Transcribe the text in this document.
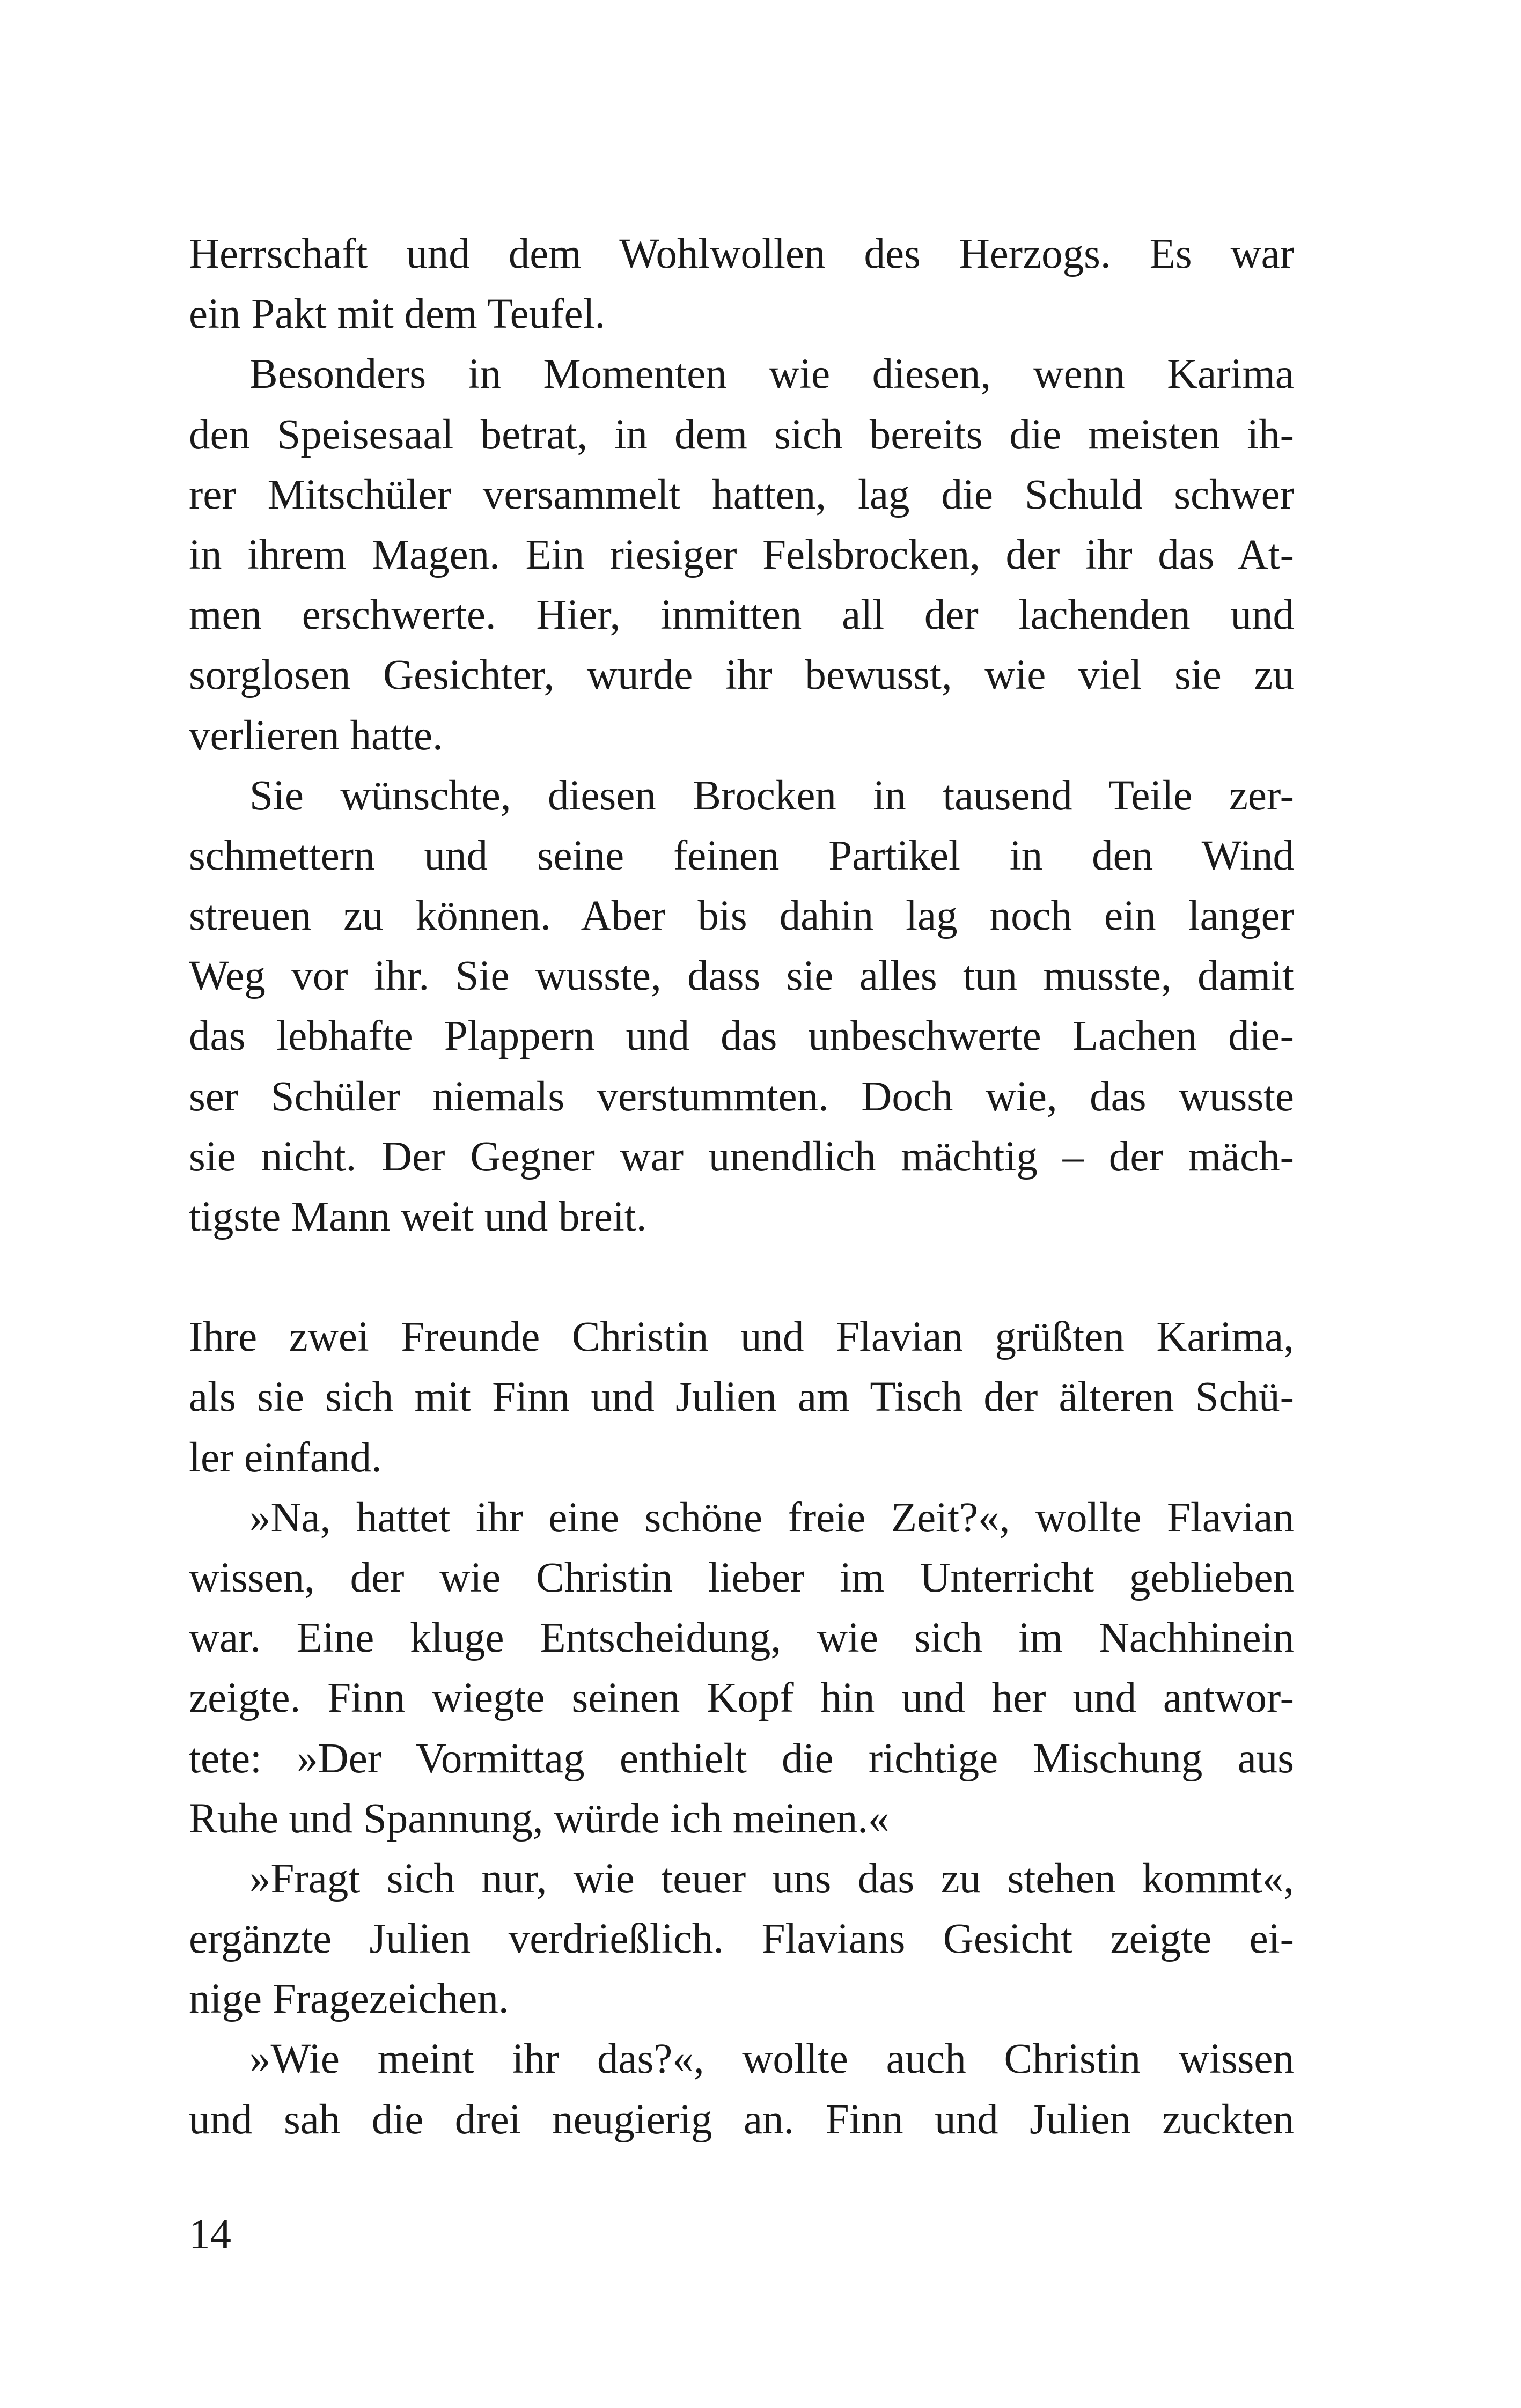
Herrschaft und dem Wohlwollen des Herzogs. Es war
ein Pakt mit dem Teufel.
Besonders in Momenten wie diesen, wenn Karima
den Speisesaal betrat, in dem sich bereits die meisten ih-
rer Mitschüler versammelt hatten, lag die Schuld schwer
in ihrem Magen. Ein riesiger Felsbrocken, der ihr das At-
men erschwerte. Hier, inmitten all der lachenden und
sorglosen Gesichter, wurde ihr bewusst, wie viel sie zu
verlieren hatte.
Sie wünschte, diesen Brocken in tausend Teile zer-
schmettern und seine feinen Partikel in den Wind
streuen zu können. Aber bis dahin lag noch ein langer
Weg vor ihr. Sie wusste, dass sie alles tun musste, damit
das lebhafte Plappern und das unbeschwerte Lachen die-
ser Schüler niemals verstummten. Doch wie, das wusste
sie nicht. Der Gegner war unendlich mächtig – der mäch-
tigste Mann weit und breit.
Ihre zwei Freunde Christin und Flavian grüßten Karima,
als sie sich mit Finn und Julien am Tisch der älteren Schü-
ler einfand.
»Na, hattet ihr eine schöne freie Zeit?«, wollte Flavian
wissen, der wie Christin lieber im Unterricht geblieben
war. Eine kluge Entscheidung, wie sich im Nachhinein
zeigte. Finn wiegte seinen Kopf hin und her und antwor-
tete: »Der Vormittag enthielt die richtige Mischung aus
Ruhe und Spannung, würde ich meinen.«
»Fragt sich nur, wie teuer uns das zu stehen kommt«,
ergänzte Julien verdrießlich. Flavians Gesicht zeigte ei-
nige Fragezeichen.
»Wie meint ihr das?«, wollte auch Christin wissen
und sah die drei neugierig an. Finn und Julien zuckten
14
